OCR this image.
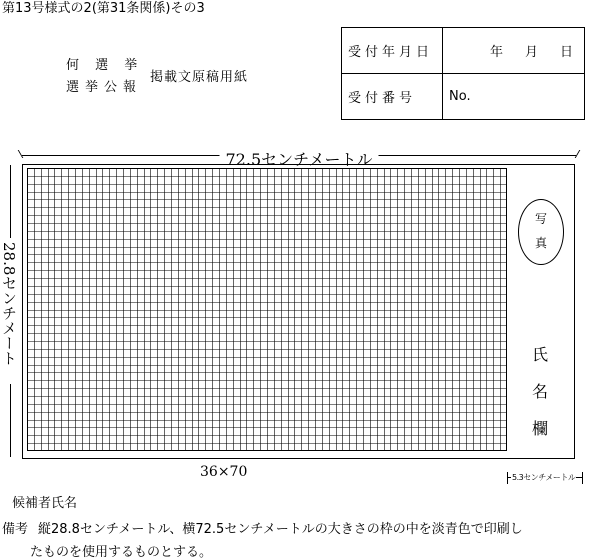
第13号様式の2(第31条関係)その3
何 選 挙
選挙公報
掲載文原稿用紙
受付年月日	年 月 日

受付番号	No.
72.5センチメートル
28.8センチメート
写
真
氏
名
欄
36×70	5.3センチメートル
候補者氏名
備考 縦28.8センチメートル、横72.5センチメートルの大きさの枠の中を淡青色で印刷し
たものを使用するものとする。
